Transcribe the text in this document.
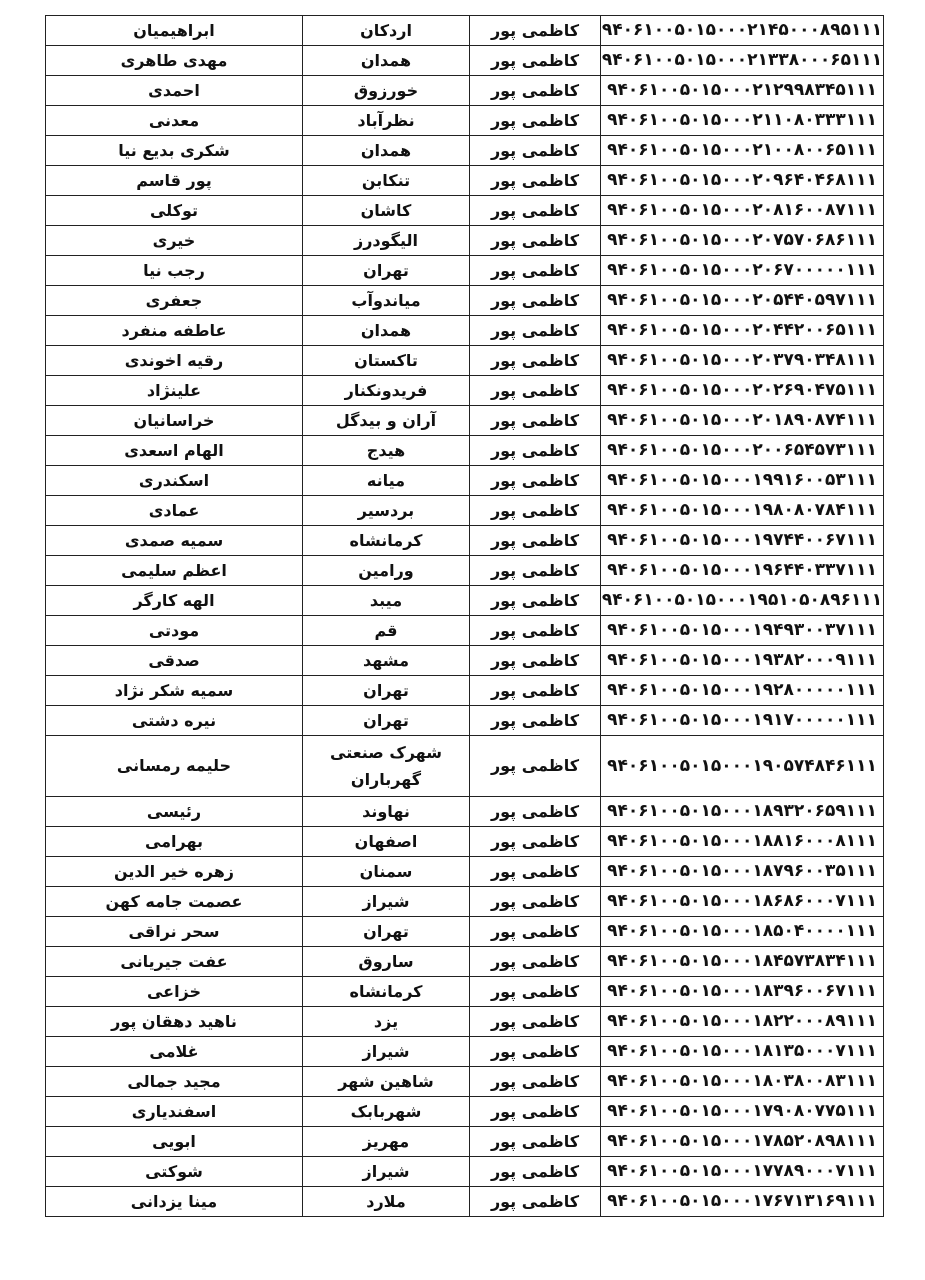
ابراهیمیان	اردکان	کاظمی پور	۹۴۰۶۱۰۰۵۰۱۵۰۰۰۲۱۴۵۰۰۰۸۹۵۱۱۱
مهدی طاهری	همدان	کاظمی پور	۹۴۰۶۱۰۰۵۰۱۵۰۰۰۲۱۳۳۸۰۰۰۶۵۱۱۱
احمدی	خورزوق	کاظمی پور	۹۴۰۶۱۰۰۵۰۱۵۰۰۰۲۱۲۹۹۸۳۴۵۱۱۱
معدنی	نظرآباد	کاظمی پور	۹۴۰۶۱۰۰۵۰۱۵۰۰۰۲۱۱۰۸۰۳۳۳۱۱۱
شکری بدیع نیا	همدان	کاظمی پور	۹۴۰۶۱۰۰۵۰۱۵۰۰۰۲۱۰۰۸۰۰۶۵۱۱۱
پور قاسم	تنکابن	کاظمی پور	۹۴۰۶۱۰۰۵۰۱۵۰۰۰۲۰۹۶۴۰۴۶۸۱۱۱
توکلی	کاشان	کاظمی پور	۹۴۰۶۱۰۰۵۰۱۵۰۰۰۲۰۸۱۶۰۰۸۷۱۱۱
خیری	الیگودرز	کاظمی پور	۹۴۰۶۱۰۰۵۰۱۵۰۰۰۲۰۷۵۷۰۶۸۶۱۱۱
رجب نیا	تهران	کاظمی پور	۹۴۰۶۱۰۰۵۰۱۵۰۰۰۲۰۶۷۰۰۰۰۰۱۱۱
جعفری	میاندوآب	کاظمی پور	۹۴۰۶۱۰۰۵۰۱۵۰۰۰۲۰۵۴۴۰۵۹۷۱۱۱
عاطفه منفرد	همدان	کاظمی پور	۹۴۰۶۱۰۰۵۰۱۵۰۰۰۲۰۴۴۲۰۰۶۵۱۱۱
رقیه اخوندی	تاکستان	کاظمی پور	۹۴۰۶۱۰۰۵۰۱۵۰۰۰۲۰۳۷۹۰۳۴۸۱۱۱
علینژاد	فریدونکنار	کاظمی پور	۹۴۰۶۱۰۰۵۰۱۵۰۰۰۲۰۲۶۹۰۴۷۵۱۱۱
خراسانیان	آران و بیدگل	کاظمی پور	۹۴۰۶۱۰۰۵۰۱۵۰۰۰۲۰۱۸۹۰۸۷۴۱۱۱
الهام اسعدی	هیدج	کاظمی پور	۹۴۰۶۱۰۰۵۰۱۵۰۰۰۲۰۰۶۵۴۵۷۳۱۱۱
اسکندری	میانه	کاظمی پور	۹۴۰۶۱۰۰۵۰۱۵۰۰۰۱۹۹۱۶۰۰۵۳۱۱۱
عمادی	بردسیر	کاظمی پور	۹۴۰۶۱۰۰۵۰۱۵۰۰۰۱۹۸۰۸۰۷۸۴۱۱۱
سمیه صمدی	کرمانشاه	کاظمی پور	۹۴۰۶۱۰۰۵۰۱۵۰۰۰۱۹۷۴۴۰۰۶۷۱۱۱
اعظم سلیمی	ورامین	کاظمی پور	۹۴۰۶۱۰۰۵۰۱۵۰۰۰۱۹۶۴۴۰۳۳۷۱۱۱
الهه کارگر	میبد	کاظمی پور	۹۴۰۶۱۰۰۵۰۱۵۰۰۰۱۹۵۱۰۵۰۸۹۶۱۱۱
مودتی	قم	کاظمی پور	۹۴۰۶۱۰۰۵۰۱۵۰۰۰۱۹۴۹۳۰۰۳۷۱۱۱
صدقی	مشهد	کاظمی پور	۹۴۰۶۱۰۰۵۰۱۵۰۰۰۱۹۳۸۲۰۰۰۹۱۱۱
سمیه شکر نژاد	تهران	کاظمی پور	۹۴۰۶۱۰۰۵۰۱۵۰۰۰۱۹۲۸۰۰۰۰۰۱۱۱
نیره دشتی	تهران	کاظمی پور	۹۴۰۶۱۰۰۵۰۱۵۰۰۰۱۹۱۷۰۰۰۰۰۱۱۱
حلیمه رمسانی	شهرک صنعتی گهرباران	کاظمی پور	۹۴۰۶۱۰۰۵۰۱۵۰۰۰۱۹۰۵۷۴۸۴۶۱۱۱
رئیسی	نهاوند	کاظمی پور	۹۴۰۶۱۰۰۵۰۱۵۰۰۰۱۸۹۳۲۰۶۵۹۱۱۱
بهرامی	اصفهان	کاظمی پور	۹۴۰۶۱۰۰۵۰۱۵۰۰۰۱۸۸۱۶۰۰۰۸۱۱۱
زهره خیر الدین	سمنان	کاظمی پور	۹۴۰۶۱۰۰۵۰۱۵۰۰۰۱۸۷۹۶۰۰۳۵۱۱۱
عصمت جامه کهن	شیراز	کاظمی پور	۹۴۰۶۱۰۰۵۰۱۵۰۰۰۱۸۶۸۶۰۰۰۷۱۱۱
سحر نراقی	تهران	کاظمی پور	۹۴۰۶۱۰۰۵۰۱۵۰۰۰۱۸۵۰۴۰۰۰۰۱۱۱
عفت جیریانی	ساروق	کاظمی پور	۹۴۰۶۱۰۰۵۰۱۵۰۰۰۱۸۴۵۷۳۸۳۴۱۱۱
خزاعی	کرمانشاه	کاظمی پور	۹۴۰۶۱۰۰۵۰۱۵۰۰۰۱۸۳۹۶۰۰۶۷۱۱۱
ناهید دهقان پور	یزد	کاظمی پور	۹۴۰۶۱۰۰۵۰۱۵۰۰۰۱۸۲۲۰۰۰۸۹۱۱۱
غلامی	شیراز	کاظمی پور	۹۴۰۶۱۰۰۵۰۱۵۰۰۰۱۸۱۳۵۰۰۰۷۱۱۱
مجید جمالی	شاهین شهر	کاظمی پور	۹۴۰۶۱۰۰۵۰۱۵۰۰۰۱۸۰۳۸۰۰۸۳۱۱۱
اسفندیاری	شهربابک	کاظمی پور	۹۴۰۶۱۰۰۵۰۱۵۰۰۰۱۷۹۰۸۰۷۷۵۱۱۱
ابویی	مهریز	کاظمی پور	۹۴۰۶۱۰۰۵۰۱۵۰۰۰۱۷۸۵۲۰۸۹۸۱۱۱
شوکتی	شیراز	کاظمی پور	۹۴۰۶۱۰۰۵۰۱۵۰۰۰۱۷۷۸۹۰۰۰۷۱۱۱
مینا یزدانی	ملارد	کاظمی پور	۹۴۰۶۱۰۰۵۰۱۵۰۰۰۱۷۶۷۱۳۱۶۹۱۱۱
